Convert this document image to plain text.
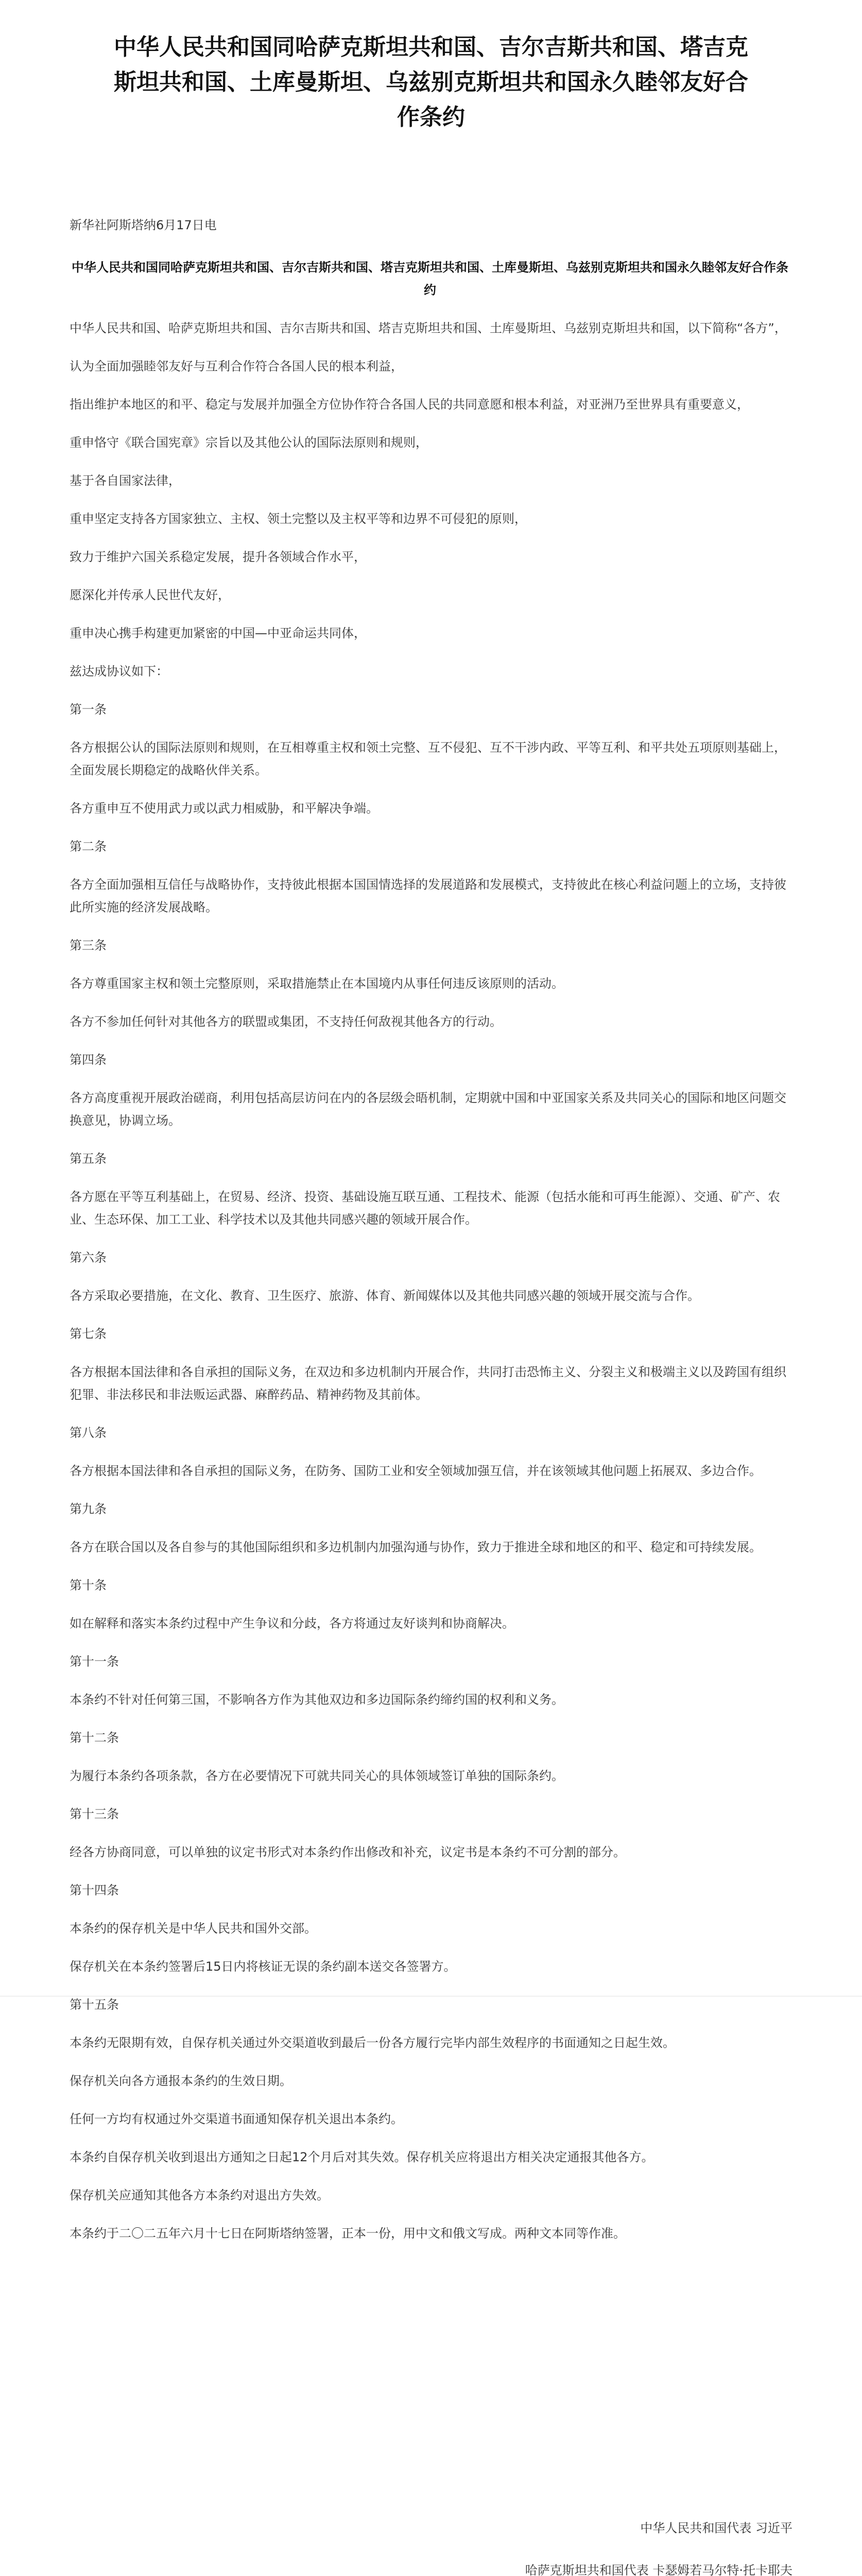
中华人民共和国同哈萨克斯坦共和国、吉尔吉斯共和国、塔吉克斯坦共和国、土库曼斯坦、乌兹别克斯坦共和国永久睦邻友好合作条约

新华社阿斯塔纳6月17日电

中华人民共和国同哈萨克斯坦共和国、吉尔吉斯共和国、塔吉克斯坦共和国、土库曼斯坦、乌兹别克斯坦共和国永久睦邻友好合作条约

中华人民共和国、哈萨克斯坦共和国、吉尔吉斯共和国、塔吉克斯坦共和国、土库曼斯坦、乌兹别克斯坦共和国，以下简称“各方”，

认为全面加强睦邻友好与互利合作符合各国人民的根本利益，

指出维护本地区的和平、稳定与发展并加强全方位协作符合各国人民的共同意愿和根本利益，对亚洲乃至世界具有重要意义，

重申恪守《联合国宪章》宗旨以及其他公认的国际法原则和规则，

基于各自国家法律，

重申坚定支持各方国家独立、主权、领土完整以及主权平等和边界不可侵犯的原则，

致力于维护六国关系稳定发展，提升各领域合作水平，

愿深化并传承人民世代友好，

重申决心携手构建更加紧密的中国—中亚命运共同体，

兹达成协议如下：

第一条

各方根据公认的国际法原则和规则，在互相尊重主权和领土完整、互不侵犯、互不干涉内政、平等互利、和平共处五项原则基础上，全面发展长期稳定的战略伙伴关系。

各方重申互不使用武力或以武力相威胁，和平解决争端。

第二条

各方全面加强相互信任与战略协作，支持彼此根据本国国情选择的发展道路和发展模式，支持彼此在核心利益问题上的立场，支持彼此所实施的经济发展战略。

第三条

各方尊重国家主权和领土完整原则，采取措施禁止在本国境内从事任何违反该原则的活动。

各方不参加任何针对其他各方的联盟或集团，不支持任何敌视其他各方的行动。

第四条

各方高度重视开展政治磋商，利用包括高层访问在内的各层级会晤机制，定期就中国和中亚国家关系及共同关心的国际和地区问题交换意见，协调立场。

第五条

各方愿在平等互利基础上，在贸易、经济、投资、基础设施互联互通、工程技术、能源（包括水能和可再生能源）、交通、矿产、农业、生态环保、加工工业、科学技术以及其他共同感兴趣的领域开展合作。

第六条

各方采取必要措施，在文化、教育、卫生医疗、旅游、体育、新闻媒体以及其他共同感兴趣的领域开展交流与合作。

第七条

各方根据本国法律和各自承担的国际义务，在双边和多边机制内开展合作，共同打击恐怖主义、分裂主义和极端主义以及跨国有组织犯罪、非法移民和非法贩运武器、麻醉药品、精神药物及其前体。

第八条

各方根据本国法律和各自承担的国际义务，在防务、国防工业和安全领域加强互信，并在该领域其他问题上拓展双、多边合作。

第九条

各方在联合国以及各自参与的其他国际组织和多边机制内加强沟通与协作，致力于推进全球和地区的和平、稳定和可持续发展。

第十条

如在解释和落实本条约过程中产生争议和分歧，各方将通过友好谈判和协商解决。

第十一条

本条约不针对任何第三国，不影响各方作为其他双边和多边国际条约缔约国的权利和义务。

第十二条

为履行本条约各项条款，各方在必要情况下可就共同关心的具体领域签订单独的国际条约。

第十三条

经各方协商同意，可以单独的议定书形式对本条约作出修改和补充，议定书是本条约不可分割的部分。

第十四条

本条约的保存机关是中华人民共和国外交部。

保存机关在本条约签署后15日内将核证无误的条约副本送交各签署方。

第十五条

本条约无限期有效，自保存机关通过外交渠道收到最后一份各方履行完毕内部生效程序的书面通知之日起生效。

保存机关向各方通报本条约的生效日期。

任何一方均有权通过外交渠道书面通知保存机关退出本条约。

本条约自保存机关收到退出方通知之日起12个月后对其失效。保存机关应将退出方相关决定通报其他各方。

保存机关应通知其他各方本条约对退出方失效。

本条约于二〇二五年六月十七日在阿斯塔纳签署，正本一份，用中文和俄文写成。两种文本同等作准。

中华人民共和国代表 习近平
哈萨克斯坦共和国代表 卡瑟姆若马尔特·托卡耶夫
